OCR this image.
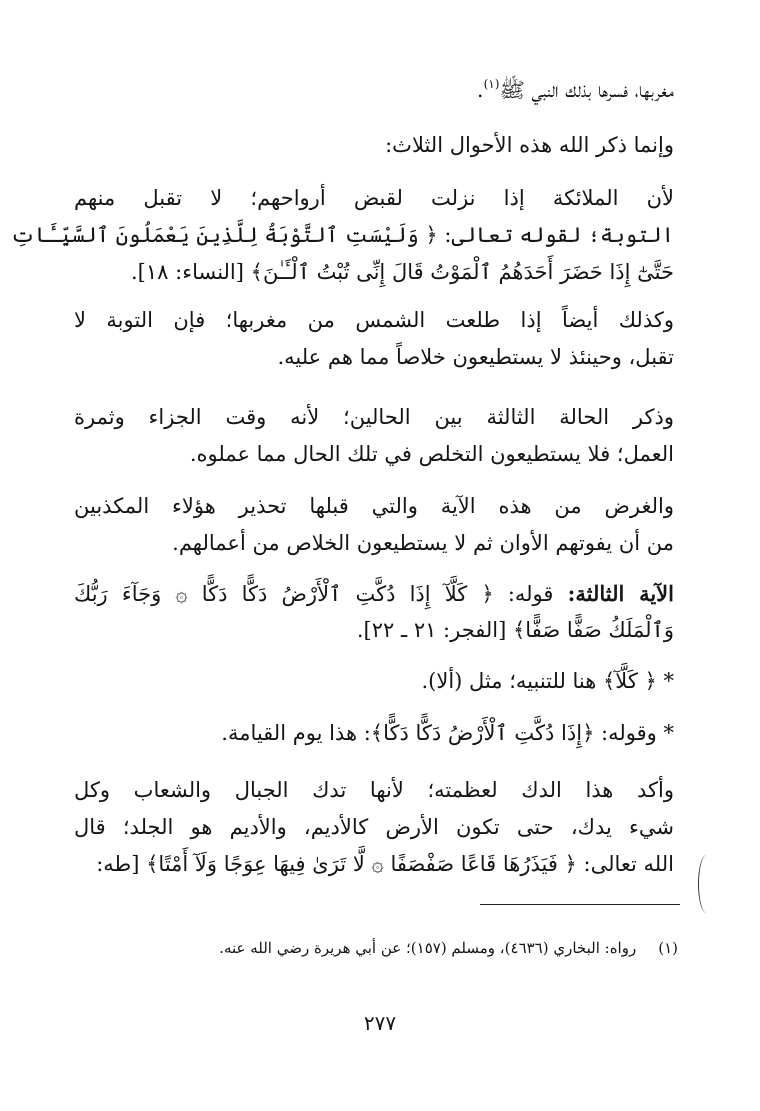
مغربها، فسرها بذلك النبي ﷺ$^{(١)}$.
وإنما ذكر الله هذه الأحوال الثلاث:
لأن الملائكة إذا نزلت لقبض أرواحهم؛ لا تقبل منهم
التوبة؛ لقوله تعالى: ﴿ وَلَيْسَتِ ٱلتَّوْبَةُ لِلَّذِينَ يَعْمَلُونَ ٱلسَّيِّـَٔاتِ
حَتَّىٰٓ إِذَا حَضَرَ أَحَدَهُمُ ٱلْمَوْتُ قَالَ إِنِّى تُبْتُ ٱلْـَٔـٰنَ﴾ [النساء: ١٨].
وكذلك أيضاً إذا طلعت الشمس من مغربها؛ فإن التوبة لا
تقبل، وحينئذ لا يستطيعون خلاصاً مما هم عليه.
وذكر الحالة الثالثة بين الحالين؛ لأنه وقت الجزاء وثمرة
العمل؛ فلا يستطيعون التخلص في تلك الحال مما عملوه.
والغرض من هذه الآية والتي قبلها تحذير هؤلاء المكذبين
من أن يفوتهم الأوان ثم لا يستطيعون الخلاص من أعمالهم.
الآية الثالثة: قوله: ﴿ كَلَّآ إِذَا دُكَّتِ ٱلْأَرْضُ دَكًّا دَكًّا ۞ وَجَآءَ رَبُّكَ
وَٱلْمَلَكُ صَفًّا صَفًّا﴾ [الفجر: ٢١ ـ ٢٢].
* ﴿ كَلَّآ﴾ هنا للتنبيه؛ مثل (ألا).
* وقوله: ﴿إِذَا دُكَّتِ ٱلْأَرْضُ دَكًّا دَكًّا﴾: هذا يوم القيامة.
وأكد هذا الدك لعظمته؛ لأنها تدك الجبال والشعاب وكل
شيء يدك، حتى تكون الأرض كالأديم، والأديم هو الجلد؛ قال
الله تعالى: ﴿ فَيَذَرُهَا قَاعًا صَفْصَفًا ۞ لَّا تَرَىٰ فِيهَا عِوَجًا وَلَآ أَمْتًا﴾ [طه:
(١)رواه: البخاري (٤٦٣٦)، ومسلم (١٥٧)؛ عن أبي هريرة رضي الله عنه.
٢٧٧
